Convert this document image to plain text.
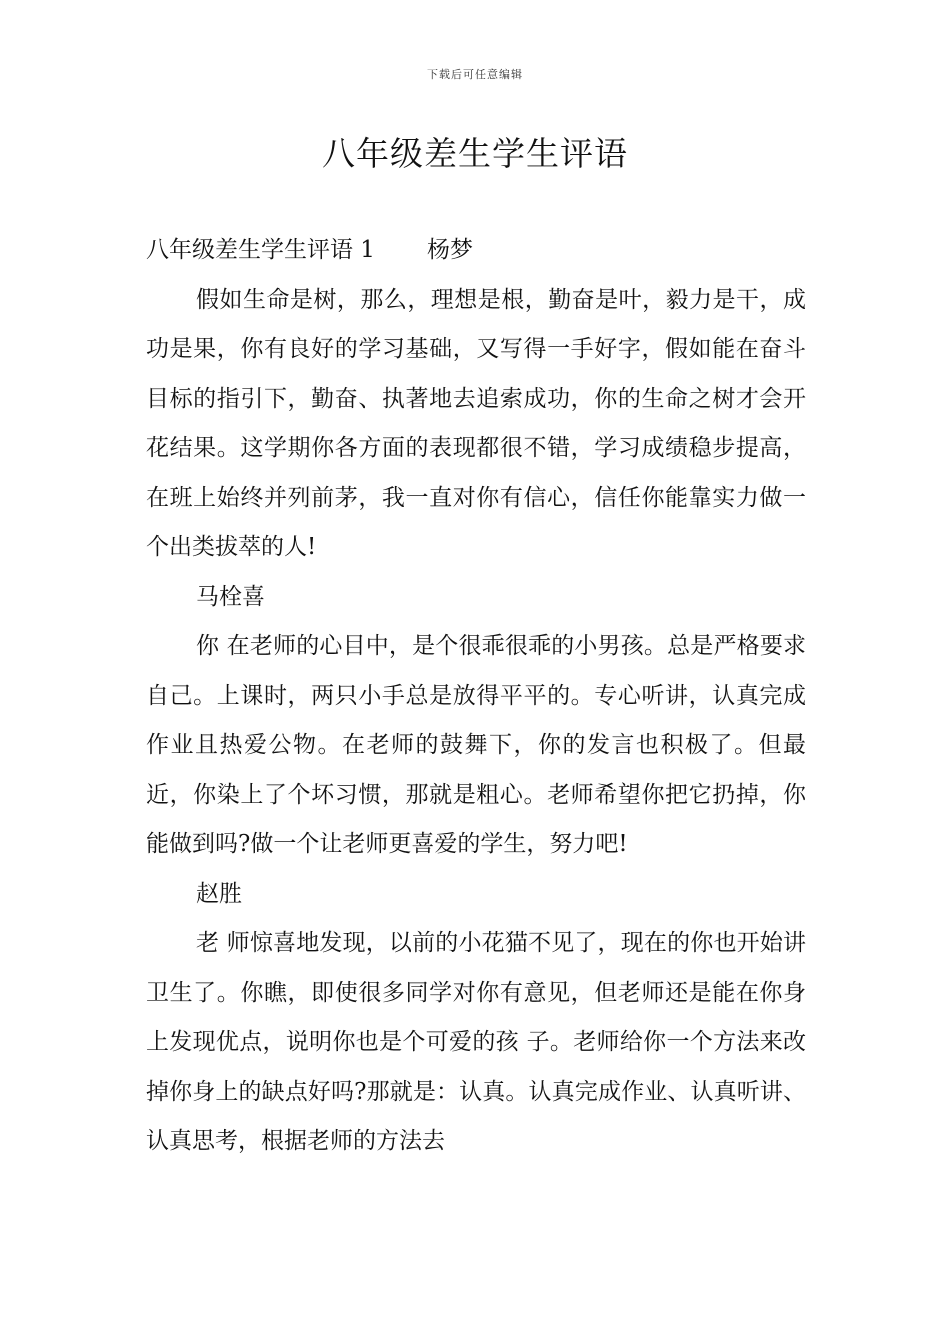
下载后可任意编辑
八年级差生学生评语

八年级差生学生评语 1 杨梦

假如生命是树，那么，理想是根，勤奋是叶，毅力是干，成功是果，你有良好的学习基础，又写得一手好字，假如能在奋斗目标的指引下，勤奋、执著地去追索成功，你的生命之树才会开花结果。这学期你各方面的表现都很不错，学习成绩稳步提高，在班上始终并列前茅，我一直对你有信心，信任你能靠实力做一个出类拔萃的人!

马栓喜

你 在老师的心目中，是个很乖很乖的小男孩。总是严格要求自己。上课时，两只小手总是放得平平的。专心听讲，认真完成作业且热爱公物。在老师的鼓舞下，你的发言也积极了。但最近，你染上了个坏习惯，那就是粗心。老师希望你把它扔掉，你能做到吗?做一个让老师更喜爱的学生，努力吧!

赵胜

老 师惊喜地发现，以前的小花猫不见了，现在的你也开始讲卫生了。你瞧，即使很多同学对你有意见，但老师还是能在你身上发现优点，说明你也是个可爱的孩 子。老师给你一个方法来改掉你身上的缺点好吗?那就是：认真。认真完成作业、认真听讲、认真思考，根据老师的方法去
